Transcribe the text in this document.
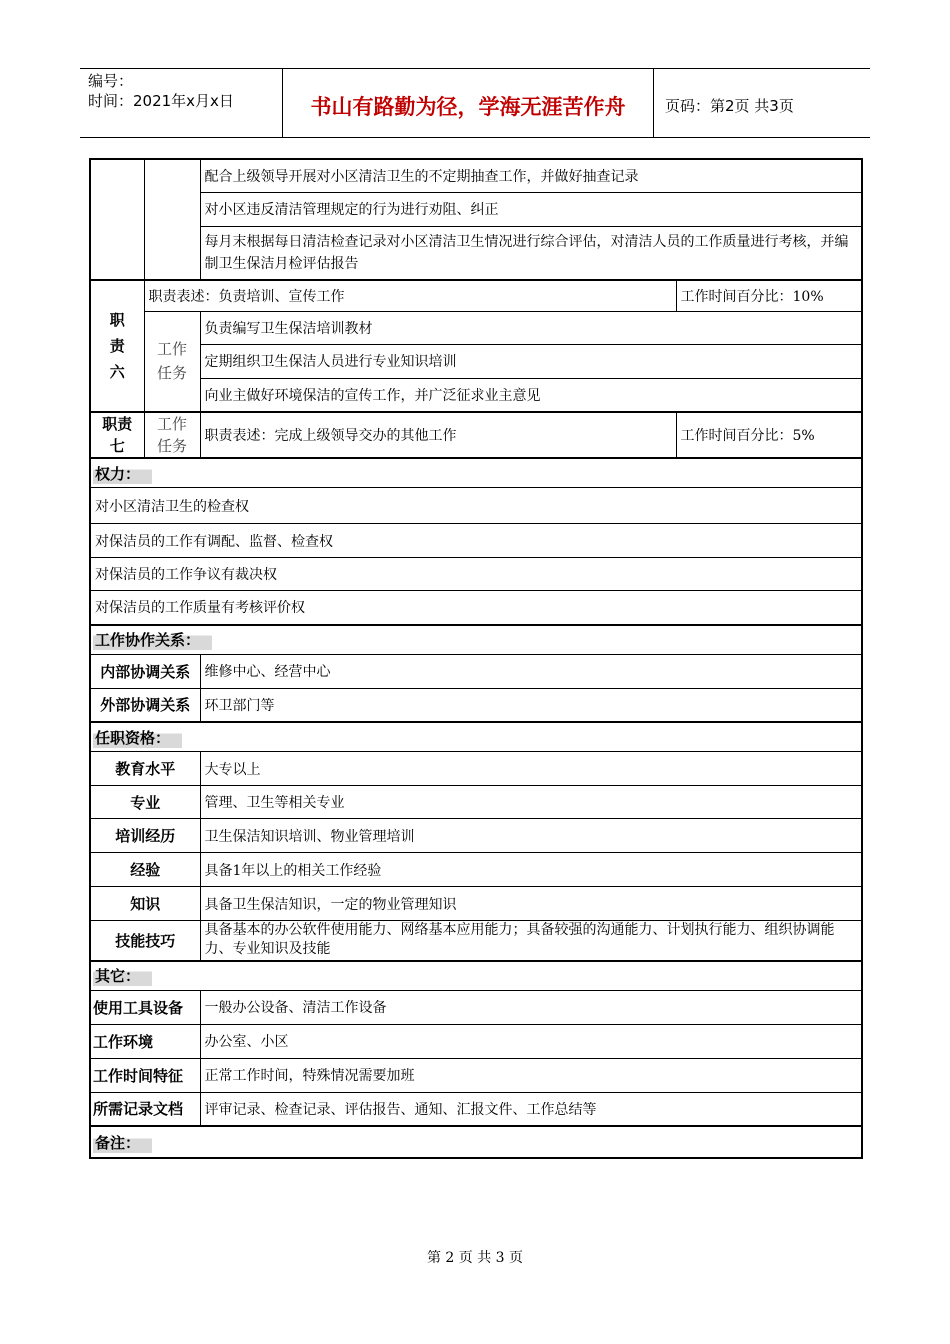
编号：
时间：2021年x月x日	书山有路勤为径，学海无涯苦作舟	页码：第2页 共3页
		配合上级领导开展对小区清洁卫生的不定期抽查工作，并做好抽查记录	
		对小区违反清洁管理规定的行为进行劝阻、纠正	
		每月末根据每日清洁检查记录对小区清洁卫生情况进行综合评估，对清洁人员的工作质量进行考核，并编制卫生保洁月检评估报告	
职责六	职责表述：负责培训、宣传工作		工作时间百分比：10%
	工作任务	负责编写卫生保洁培训教材	
		定期组织卫生保洁人员进行专业知识培训	
		向业主做好环境保洁的宣传工作，并广泛征求业主意见	
职责七	工作任务	职责表述：完成上级领导交办的其他工作	工作时间百分比：5%
权力：			
对小区清洁卫生的检查权			
对保洁员的工作有调配、监督、检查权			
对保洁员的工作争议有裁决权			
对保洁员的工作质量有考核评价权			
工作协作关系：			
内部协调关系		维修中心、经营中心	
外部协调关系		环卫部门等	
任职资格：			
教育水平		大专以上	
专业		管理、卫生等相关专业	
培训经历		卫生保洁知识培训、物业管理培训	
经验		具备1年以上的相关工作经验	
知识		具备卫生保洁知识，一定的物业管理知识	
技能技巧		具备基本的办公软件使用能力、网络基本应用能力；具备较强的沟通能力、计划执行能力、组织协调能力、专业知识及技能	
其它：			
使用工具设备		一般办公设备、清洁工作设备	
工作环境		办公室、小区	
工作时间特征		正常工作时间，特殊情况需要加班	
所需记录文档		评审记录、检查记录、评估报告、通知、汇报文件、工作总结等	
备注：			
第 2 页 共 3 页
